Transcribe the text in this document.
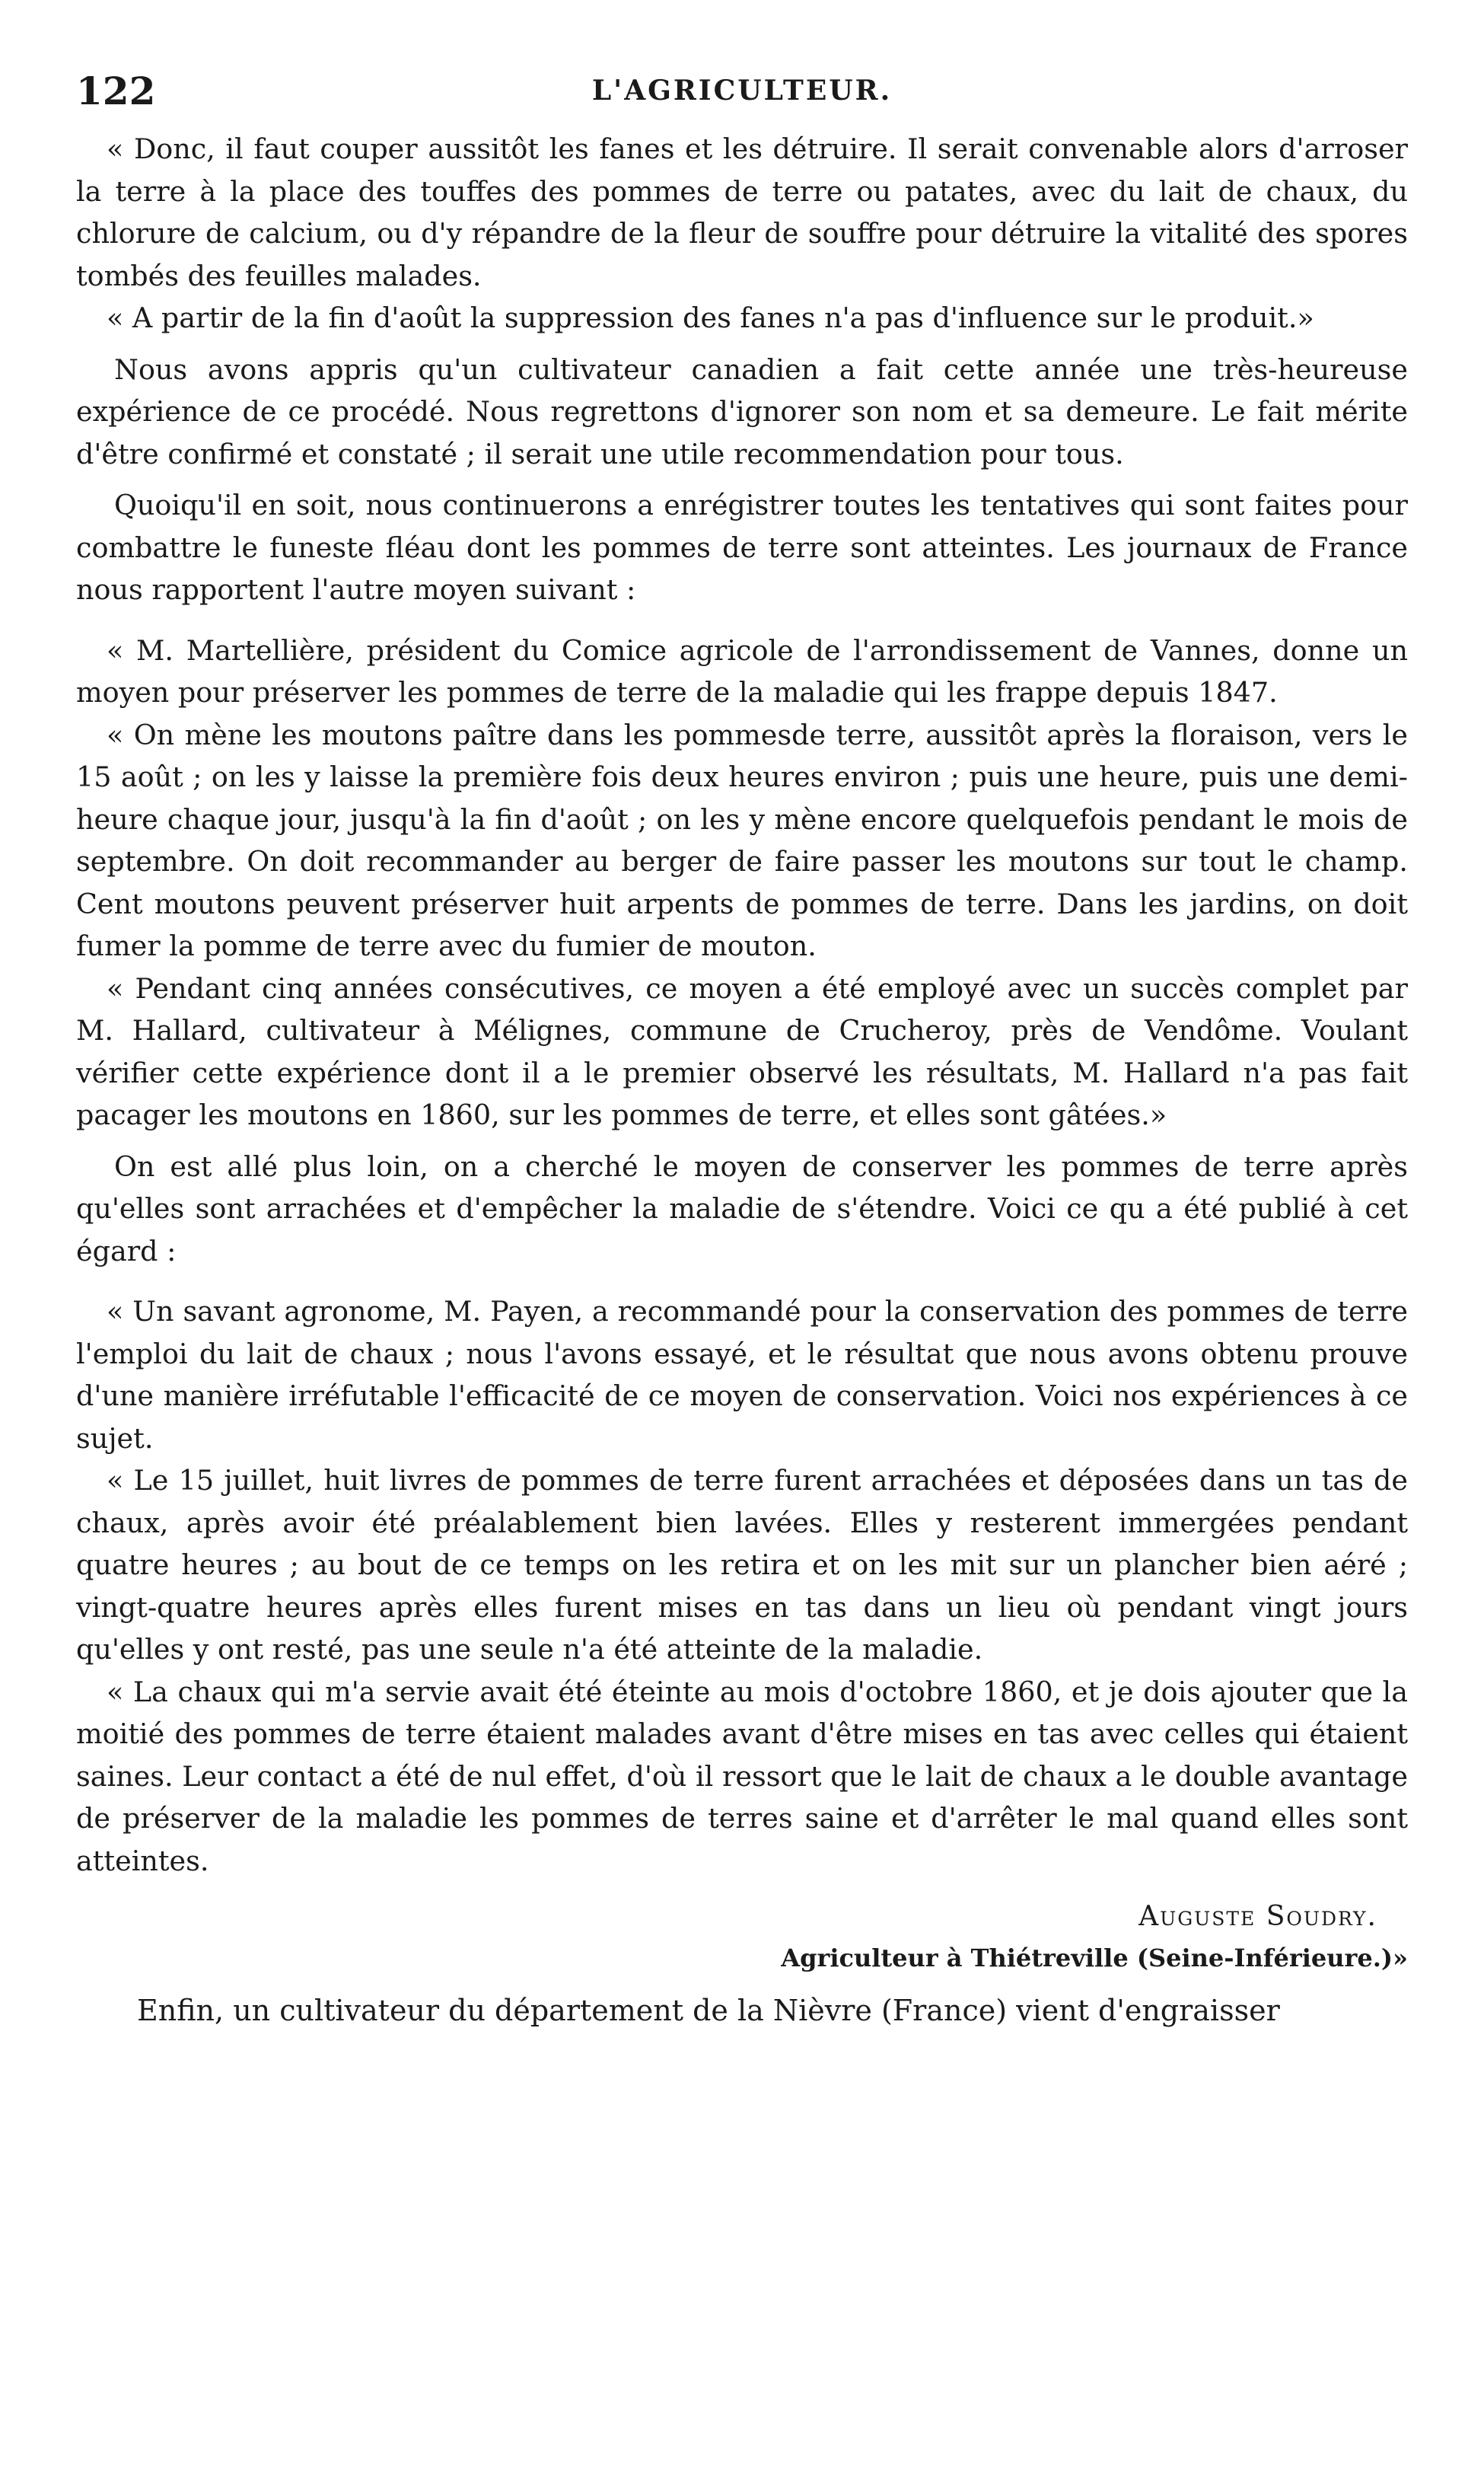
122	L'AGRICULTEUR.

« Donc, il faut couper aussitôt les fanes et les détruire. Il serait convenable alors d'arroser la terre à la place des touffes des pommes de terre ou patates, avec du lait de chaux, du chlorure de calcium, ou d'y répandre de la fleur de souffre pour détruire la vitalité des spores tombés des feuilles malades.

« A partir de la fin d'août la suppression des fanes n'a pas d'influence sur le produit.»

Nous avons appris qu'un cultivateur canadien a fait cette année une très-heureuse expérience de ce procédé. Nous regrettons d'ignorer son nom et sa demeure. Le fait mérite d'être confirmé et constaté ; il serait une utile recommendation pour tous.

Quoiqu'il en soit, nous continuerons a enrégistrer toutes les tentatives qui sont faites pour combattre le funeste fléau dont les pommes de terre sont atteintes. Les journaux de France nous rapportent l'autre moyen suivant :

« M. Martellière, président du Comice agricole de l'arrondissement de Vannes, donne un moyen pour préserver les pommes de terre de la maladie qui les frappe depuis 1847.

« On mène les moutons paître dans les pommesde terre, aussitôt après la floraison, vers le 15 août ; on les y laisse la première fois deux heures environ ; puis une heure, puis une demi-heure chaque jour, jusqu'à la fin d'août ; on les y mène encore quelquefois pendant le mois de septembre. On doit recommander au berger de faire passer les moutons sur tout le champ. Cent moutons peuvent préserver huit arpents de pommes de terre. Dans les jardins, on doit fumer la pomme de terre avec du fumier de mouton.

« Pendant cinq années consécutives, ce moyen a été employé avec un succès complet par M. Hallard, cultivateur à Mélignes, commune de Crucheroy, près de Vendôme. Voulant vérifier cette expérience dont il a le premier observé les résultats, M. Hallard n'a pas fait pacager les moutons en 1860, sur les pommes de terre, et elles sont gâtées.»

On est allé plus loin, on a cherché le moyen de conserver les pommes de terre après qu'elles sont arrachées et d'empêcher la maladie de s'étendre. Voici ce qu a été publié à cet égard :

« Un savant agronome, M. Payen, a recommandé pour la conservation des pommes de terre l'emploi du lait de chaux ; nous l'avons essayé, et le résultat que nous avons obtenu prouve d'une manière irréfutable l'efficacité de ce moyen de conservation. Voici nos expériences à ce sujet.

« Le 15 juillet, huit livres de pommes de terre furent arrachées et déposées dans un tas de chaux, après avoir été préalablement bien lavées. Elles y resterent immergées pendant quatre heures ; au bout de ce temps on les retira et on les mit sur un plancher bien aéré ; vingt-quatre heures après elles furent mises en tas dans un lieu où pendant vingt jours qu'elles y ont resté, pas une seule n'a été atteinte de la maladie.

« La chaux qui m'a servie avait été éteinte au mois d'octobre 1860, et je dois ajouter que la moitié des pommes de terre étaient malades avant d'être mises en tas avec celles qui étaient saines. Leur contact a été de nul effet, d'où il ressort que le lait de chaux a le double avantage de préserver de la maladie les pommes de terres saine et d'arrêter le mal quand elles sont atteintes.

Auguste Soudry.
Agriculteur à Thiétreville (Seine-Inférieure.)»
Enfin, un cultivateur du département de la Nièvre (France) vient d'engraisser
